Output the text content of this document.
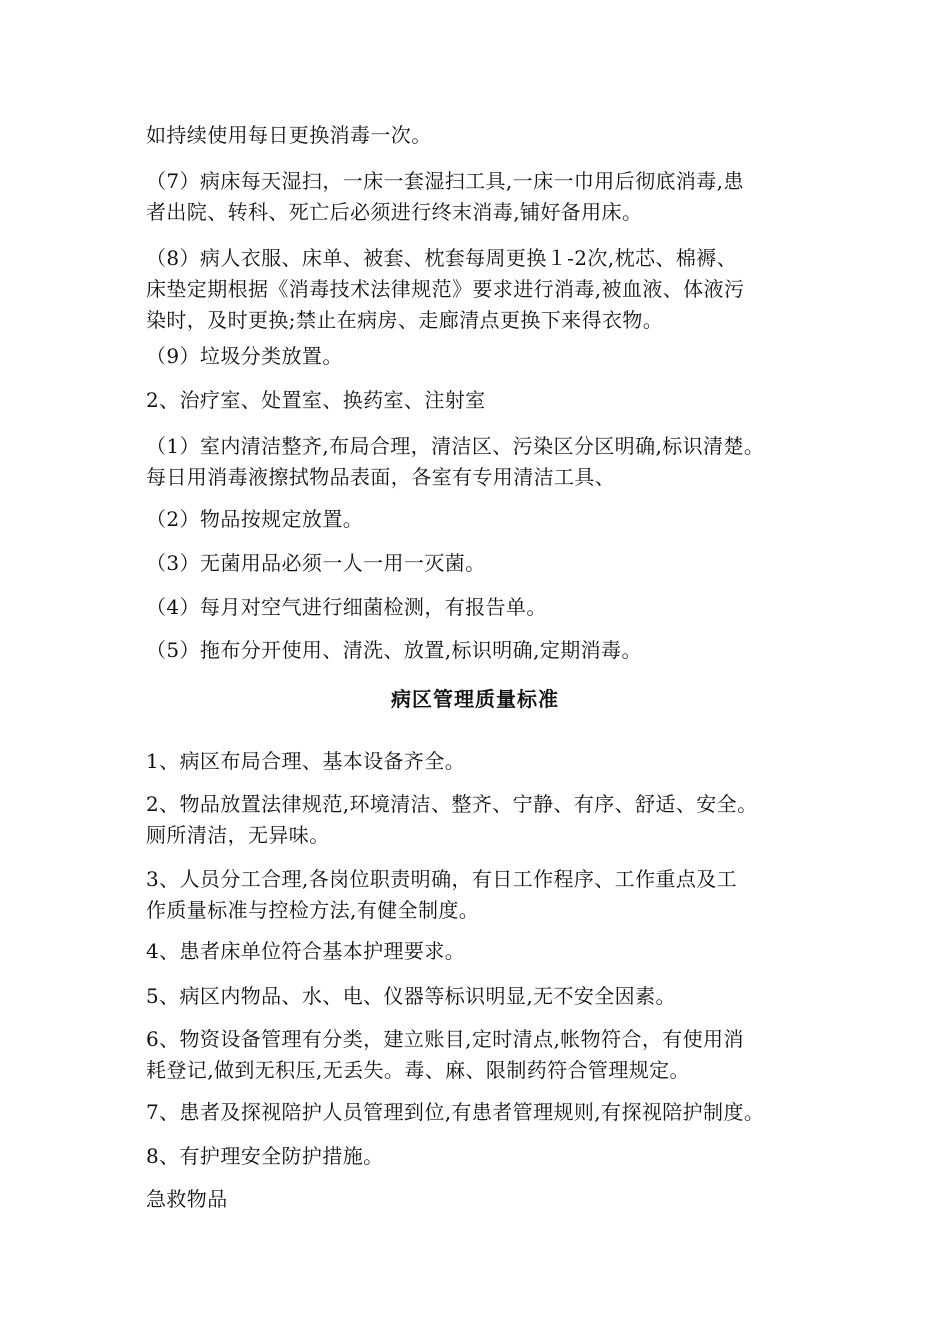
如持续使用每日更换消毒一次。

（7）病床每天湿扫，一床一套湿扫工具,一床一巾用后彻底消毒,患
者出院、转科、死亡后必须进行终末消毒,铺好备用床。

（8）病人衣服、床单、被套、枕套每周更换１-2次,枕芯、棉褥、
床垫定期根据《消毒技术法律规范》要求进行消毒,被血液、体液污
染时，及时更换;禁止在病房、走廊清点更换下来得衣物。

（9）垃圾分类放置。

2、治疗室、处置室、换药室、注射室

（1）室内清洁整齐,布局合理，清洁区、污染区分区明确,标识清楚。
每日用消毒液擦拭物品表面，各室有专用清洁工具、

（2）物品按规定放置。

（3）无菌用品必须一人一用一灭菌。

（4）每月对空气进行细菌检测，有报告单。

（5）拖布分开使用、清洗、放置,标识明确,定期消毒。

病区管理质量标准

1、病区布局合理、基本设备齐全。

2、物品放置法律规范,环境清洁、整齐、宁静、有序、舒适、安全。
厕所清洁，无异味。

3、人员分工合理,各岗位职责明确，有日工作程序、工作重点及工
作质量标准与控检方法,有健全制度。

4、患者床单位符合基本护理要求。

5、病区内物品、水、电、仪器等标识明显,无不安全因素。

6、物资设备管理有分类，建立账目,定时清点,帐物符合，有使用消
耗登记,做到无积压,无丢失。毒、麻、限制药符合管理规定。

7、患者及探视陪护人员管理到位,有患者管理规则,有探视陪护制度。

8、有护理安全防护措施。

急救物品
